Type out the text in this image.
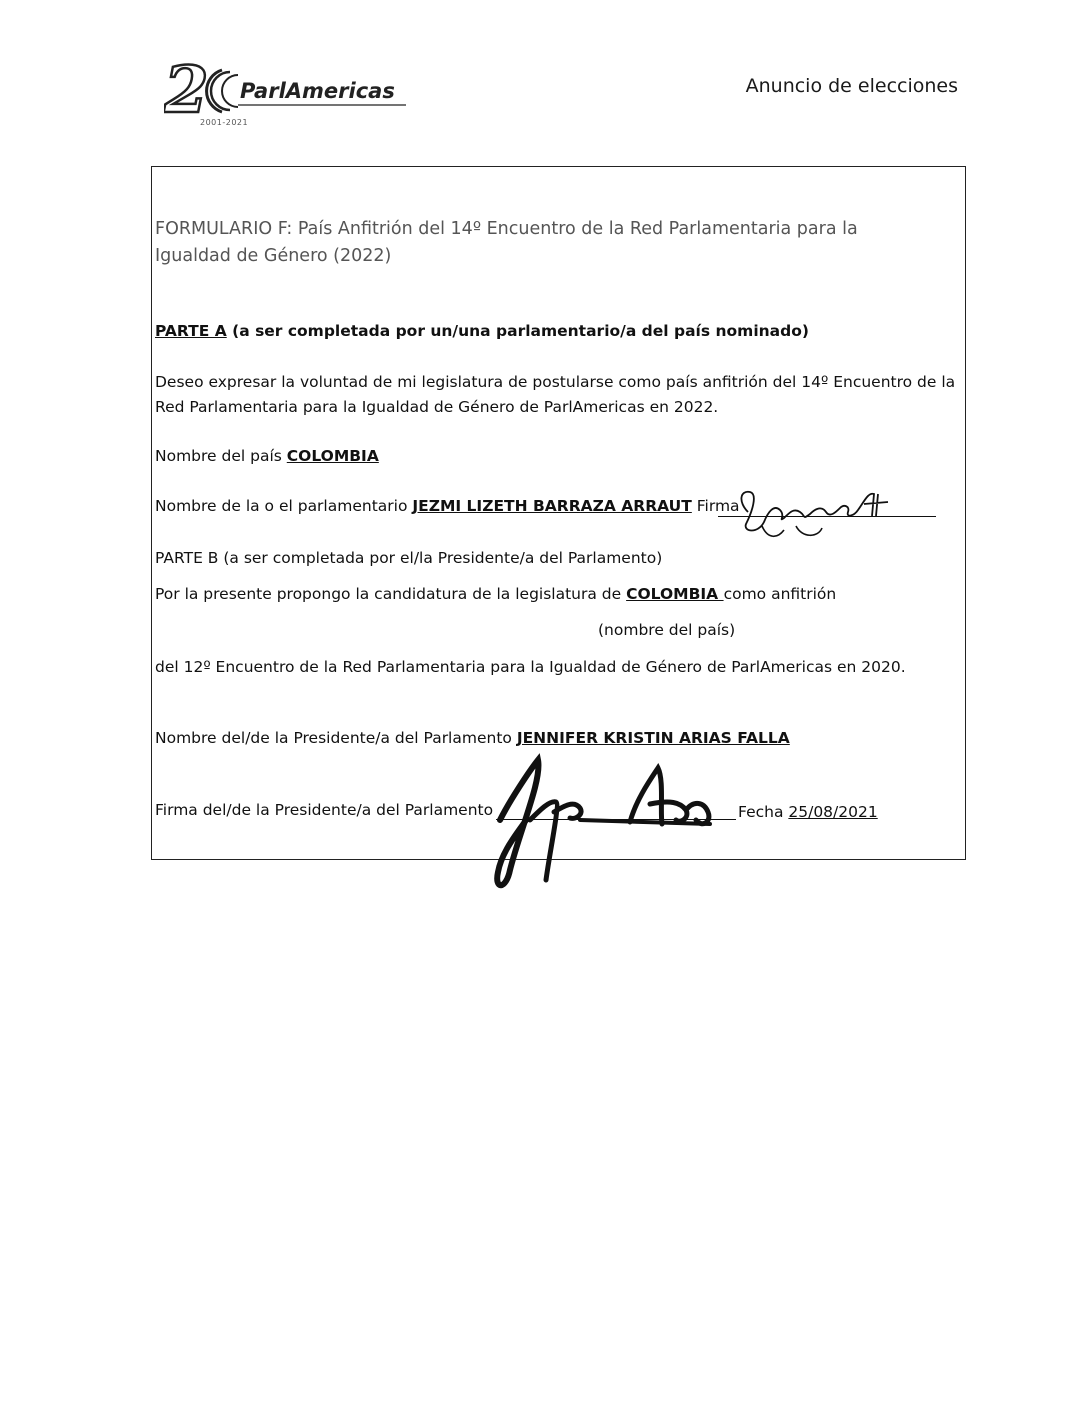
2 ParlAmericas
2001-2021
Anuncio de elecciones
FORMULARIO F: País Anfitrión del 14º Encuentro de la Red Parlamentaria para la Igualdad de Género (2022)
PARTE A (a ser completada por un/una parlamentario/a del país nominado)
Deseo expresar la voluntad de mi legislatura de postularse como país anfitrión del 14º Encuentro de la
Red Parlamentaria para la Igualdad de Género de ParlAmericas en 2022.
Nombre del país COLOMBIA
Nombre de la o el parlamentario JEZMI LIZETH BARRAZA ARRAUT Firma
PARTE B (a ser completada por el/la Presidente/a del Parlamento)
Por la presente propongo la candidatura de la legislatura de COLOMBIA como anfitrión
(nombre del país)
del 12º Encuentro de la Red Parlamentaria para la Igualdad de Género de ParlAmericas en 2020.
Nombre del/de la Presidente/a del Parlamento JENNIFER KRISTIN ARIAS FALLA
Firma del/de la Presidente/a del Parlamento	Fecha 25/08/2021
